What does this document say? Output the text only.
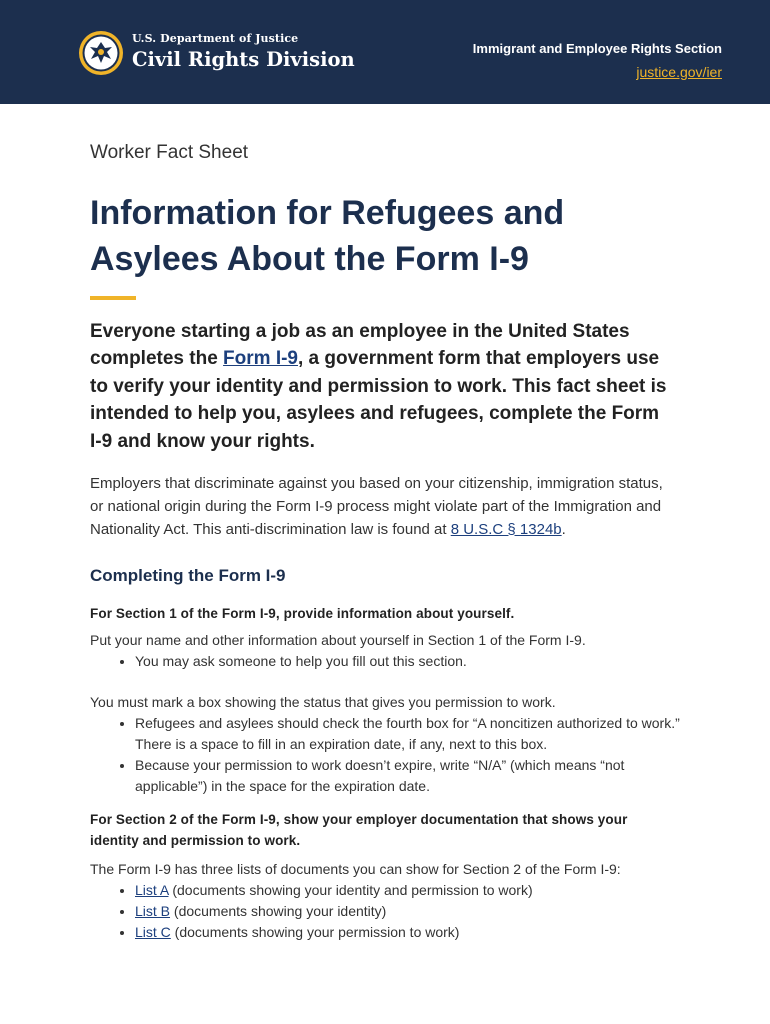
U.S. Department of Justice
Civil Rights Division	Immigrant and Employee Rights Section
justice.gov/ier

Worker Fact Sheet

Information for Refugees and Asylees About the Form I-9
Everyone starting a job as an employee in the United States completes the Form I-9, a government form that employers use to verify your identity and permission to work. This fact sheet is intended to help you, asylees and refugees, complete the Form I-9 and know your rights.
Employers that discriminate against you based on your citizenship, immigration status, or national origin during the Form I-9 process might violate part of the Immigration and Nationality Act. This anti-discrimination law is found at 8 U.S.C § 1324b.
Completing the Form I-9
For Section 1 of the Form I-9, provide information about yourself.
Put your name and other information about yourself in Section 1 of the Form I-9.
• You may ask someone to help you fill out this section.
You must mark a box showing the status that gives you permission to work.
• Refugees and asylees should check the fourth box for “A noncitizen authorized to work.” There is a space to fill in an expiration date, if any, next to this box.
• Because your permission to work doesn’t expire, write “N/A” (which means “not applicable”) in the space for the expiration date.
For Section 2 of the Form I-9, show your employer documentation that shows your identity and permission to work.
The Form I-9 has three lists of documents you can show for Section 2 of the Form I-9:
• List A (documents showing your identity and permission to work)
• List B (documents showing your identity)
• List C (documents showing your permission to work)
